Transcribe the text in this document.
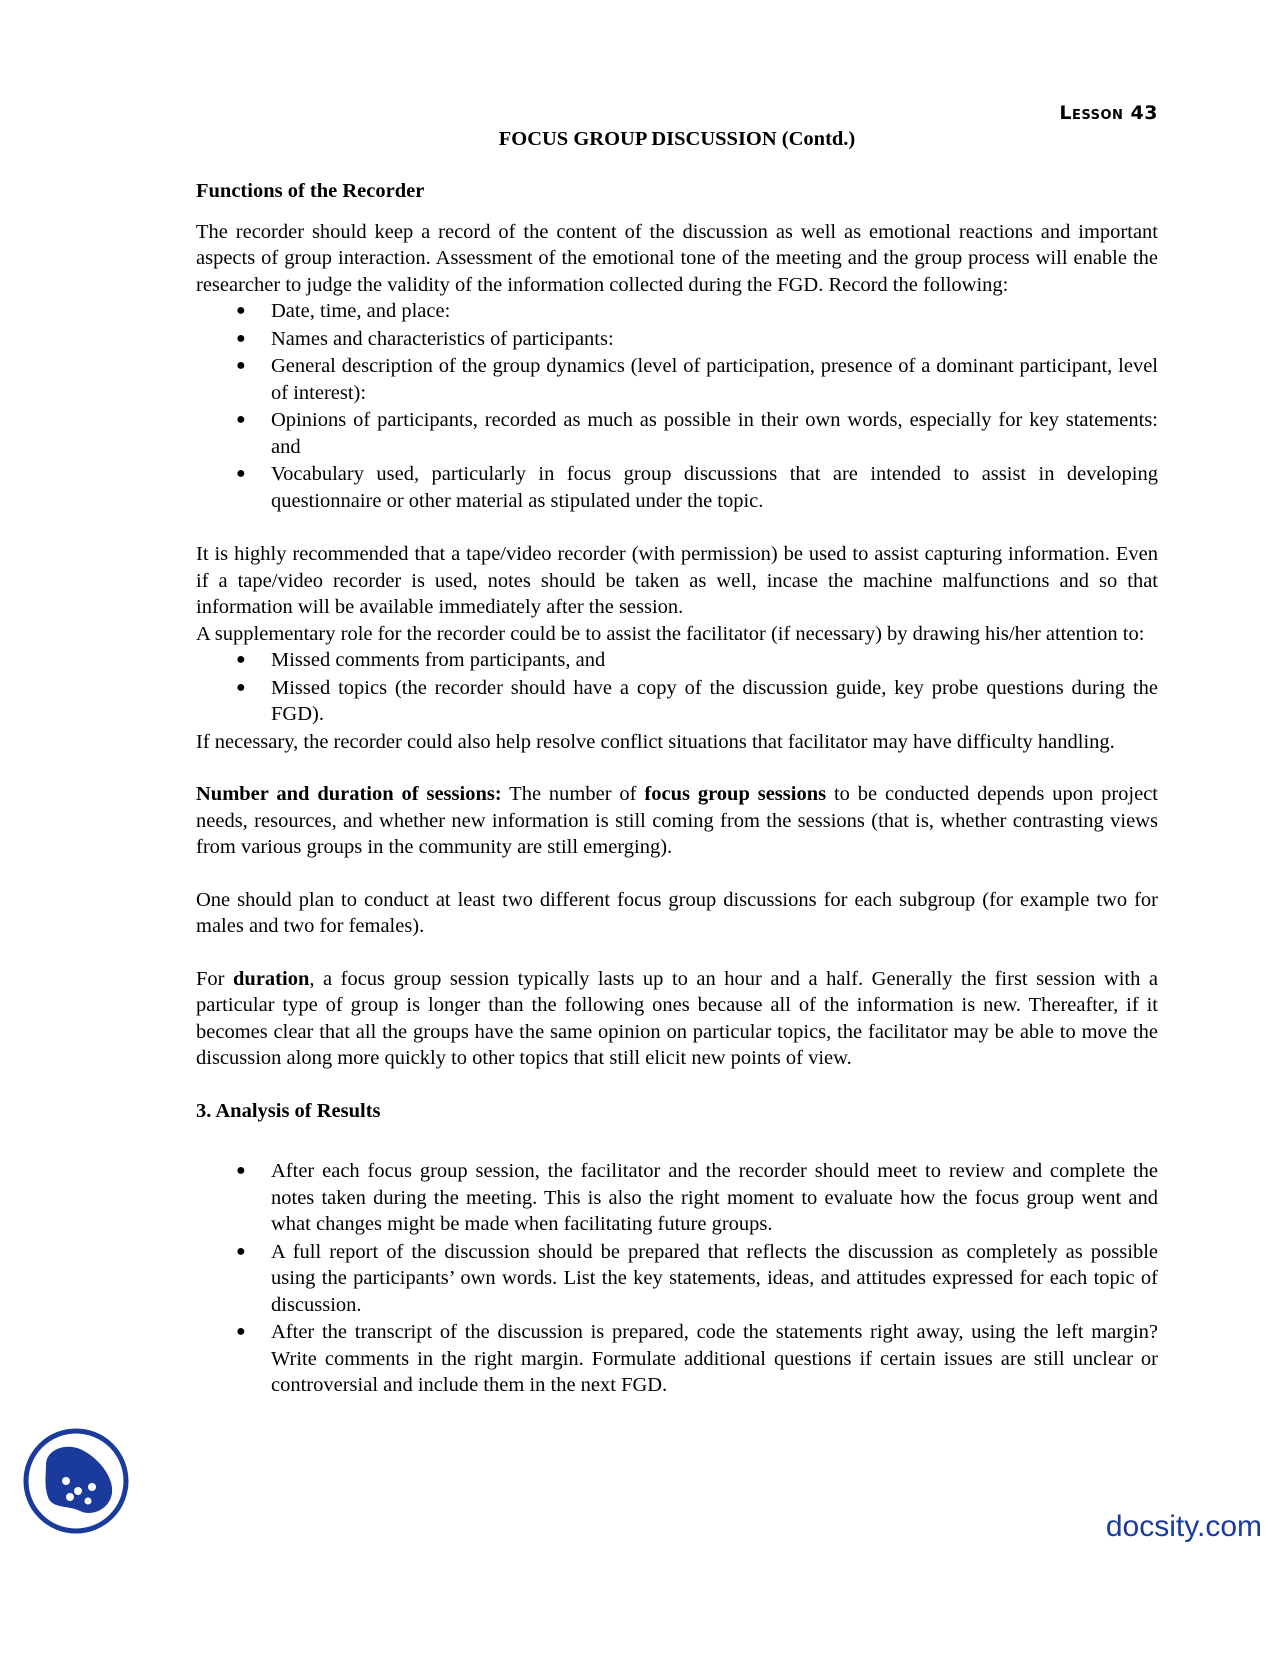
Lesson 43
FOCUS GROUP DISCUSSION (Contd.)
Functions of the Recorder

The recorder should keep a record of the content of the discussion as well as emotional reactions and important aspects of group interaction. Assessment of the emotional tone of the meeting and the group process will enable the researcher to judge the validity of the information collected during the FGD. Record the following:

● Date, time, and place:
● Names and characteristics of participants:
● General description of the group dynamics (level of participation, presence of a dominant participant, level of interest):
● Opinions of participants, recorded as much as possible in their own words, especially for key statements: and
● Vocabulary used, particularly in focus group discussions that are intended to assist in developing questionnaire or other material as stipulated under the topic.

It is highly recommended that a tape/video recorder (with permission) be used to assist capturing information. Even if a tape/video recorder is used, notes should be taken as well, incase the machine malfunctions and so that information will be available immediately after the session.

A supplementary role for the recorder could be to assist the facilitator (if necessary) by drawing his/her attention to:

● Missed comments from participants, and
● Missed topics (the recorder should have a copy of the discussion guide, key probe questions during the FGD).

If necessary, the recorder could also help resolve conflict situations that facilitator may have difficulty handling.

Number and duration of sessions: The number of focus group sessions to be conducted depends upon project needs, resources, and whether new information is still coming from the sessions (that is, whether contrasting views from various groups in the community are still emerging).

One should plan to conduct at least two different focus group discussions for each subgroup (for example two for males and two for females).

For duration, a focus group session typically lasts up to an hour and a half. Generally the first session with a particular type of group is longer than the following ones because all of the information is new. Thereafter, if it becomes clear that all the groups have the same opinion on particular topics, the facilitator may be able to move the discussion along more quickly to other topics that still elicit new points of view.

3. Analysis of Results
● After each focus group session, the facilitator and the recorder should meet to review and complete the notes taken during the meeting. This is also the right moment to evaluate how the focus group went and what changes might be made when facilitating future groups.
● A full report of the discussion should be prepared that reflects the discussion as completely as possible using the participants’ own words. List the key statements, ideas, and attitudes expressed for each topic of discussion.
● After the transcript of the discussion is prepared, code the statements right away, using the left margin? Write comments in the right margin. Formulate additional questions if certain issues are still unclear or controversial and include them in the next FGD.
docsity.com
